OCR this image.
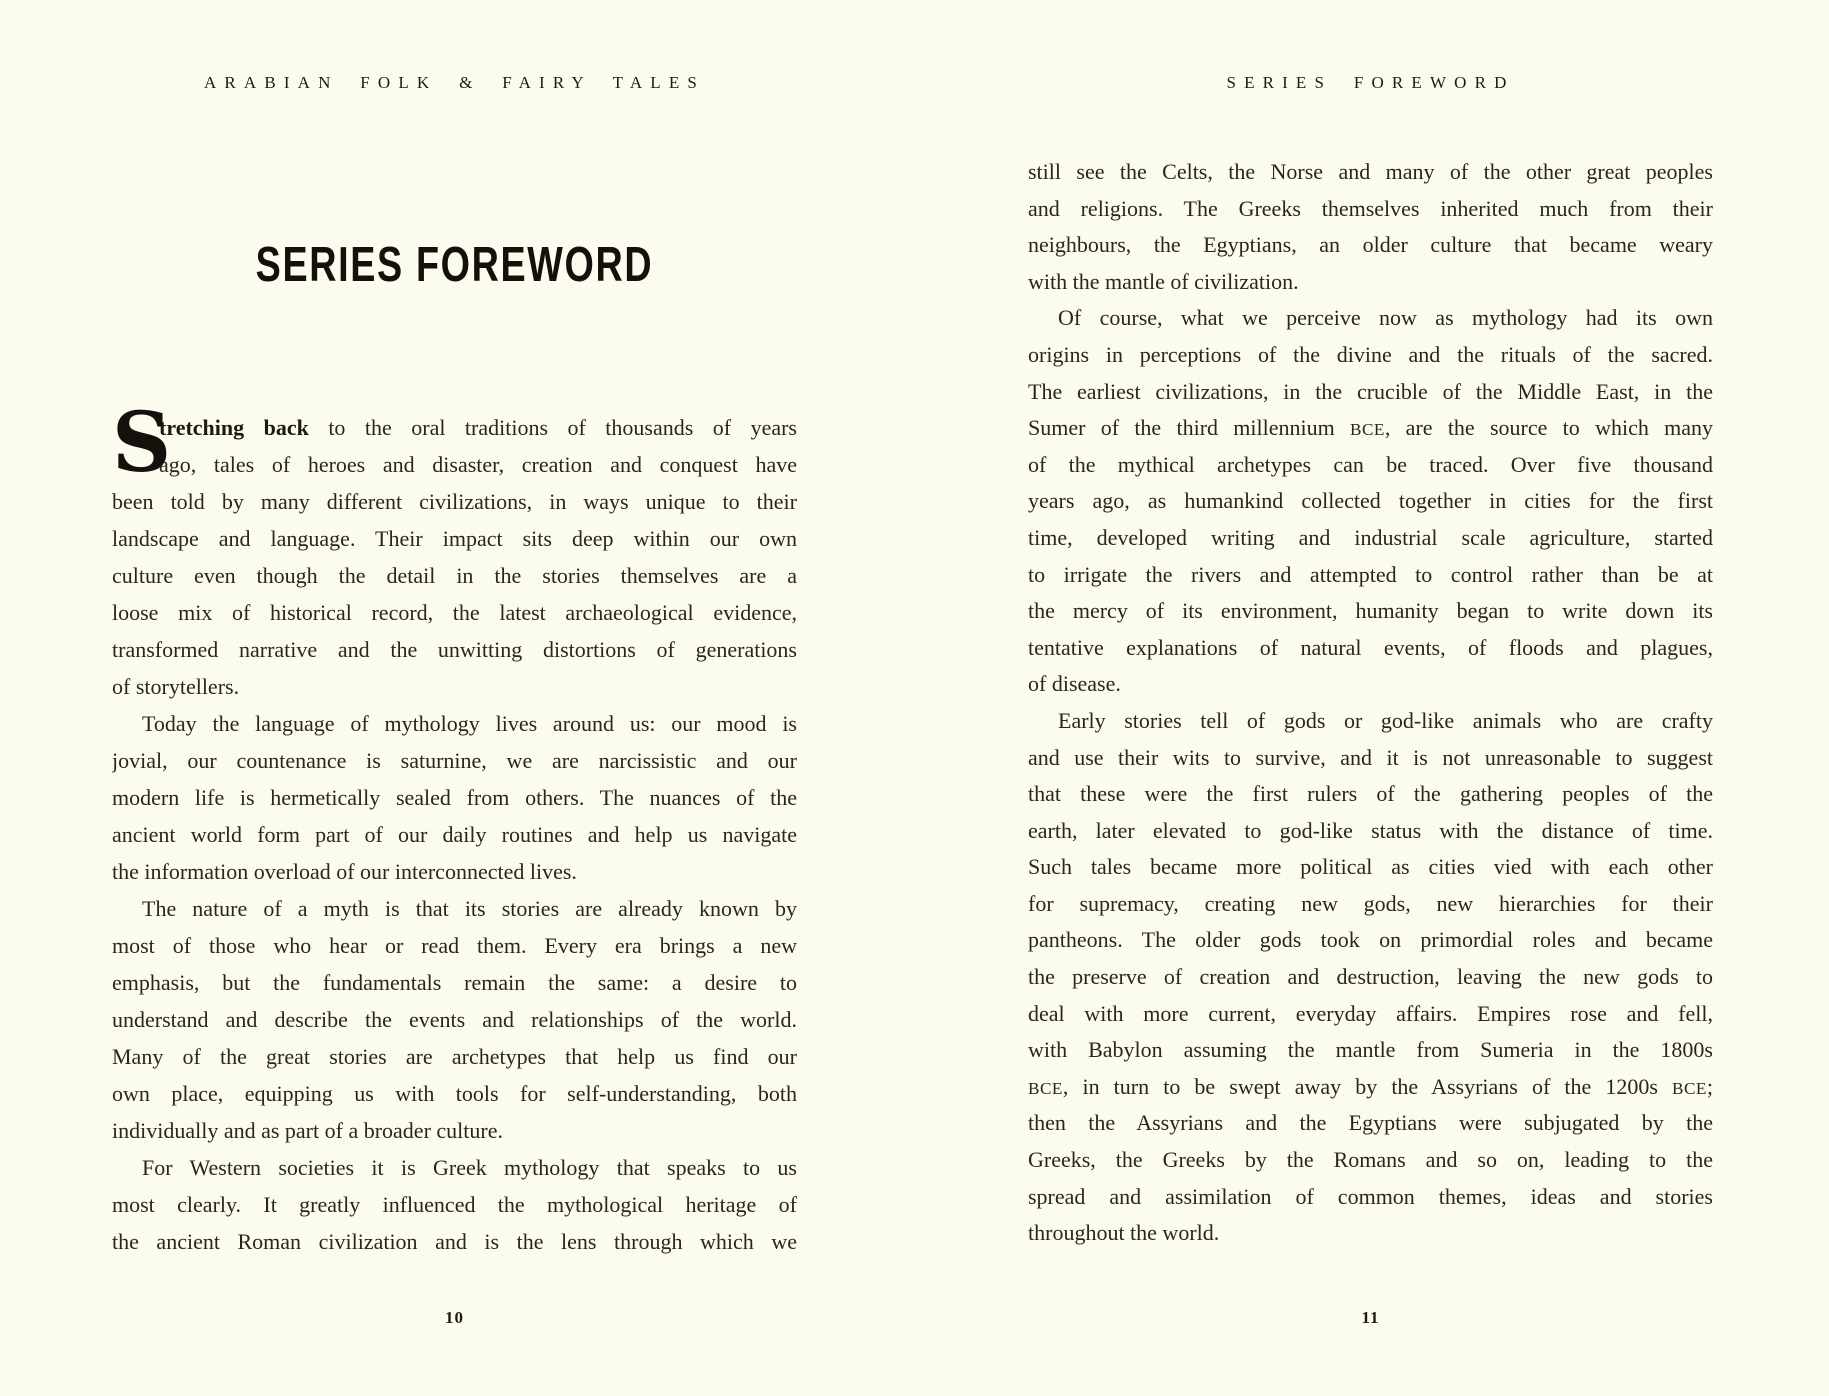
ARABIAN FOLK & FAIRY TALES
SERIES FOREWORD
S
tretching back to the oral traditions of thousands of years
ago, tales of heroes and disaster, creation and conquest have
been told by many different civilizations, in ways unique to their
landscape and language. Their impact sits deep within our own
culture even though the detail in the stories themselves are a
loose mix of historical record, the latest archaeological evidence,
transformed narrative and the unwitting distortions of generations
of storytellers.
Today the language of mythology lives around us: our mood is
jovial, our countenance is saturnine, we are narcissistic and our
modern life is hermetically sealed from others. The nuances of the
ancient world form part of our daily routines and help us navigate
the information overload of our interconnected lives.
The nature of a myth is that its stories are already known by
most of those who hear or read them. Every era brings a new
emphasis, but the fundamentals remain the same: a desire to
understand and describe the events and relationships of the world.
Many of the great stories are archetypes that help us find our
own place, equipping us with tools for self-understanding, both
individually and as part of a broader culture.
For Western societies it is Greek mythology that speaks to us
most clearly. It greatly influenced the mythological heritage of
the ancient Roman civilization and is the lens through which we
10
SERIES FOREWORD
still see the Celts, the Norse and many of the other great peoples
and religions. The Greeks themselves inherited much from their
neighbours, the Egyptians, an older culture that became weary
with the mantle of civilization.
Of course, what we perceive now as mythology had its own
origins in perceptions of the divine and the rituals of the sacred.
The earliest civilizations, in the crucible of the Middle East, in the
Sumer of the third millennium BCE, are the source to which many
of the mythical archetypes can be traced. Over five thousand
years ago, as humankind collected together in cities for the first
time, developed writing and industrial scale agriculture, started
to irrigate the rivers and attempted to control rather than be at
the mercy of its environment, humanity began to write down its
tentative explanations of natural events, of floods and plagues,
of disease.
Early stories tell of gods or god-like animals who are crafty
and use their wits to survive, and it is not unreasonable to suggest
that these were the first rulers of the gathering peoples of the
earth, later elevated to god-like status with the distance of time.
Such tales became more political as cities vied with each other
for supremacy, creating new gods, new hierarchies for their
pantheons. The older gods took on primordial roles and became
the preserve of creation and destruction, leaving the new gods to
deal with more current, everyday affairs. Empires rose and fell,
with Babylon assuming the mantle from Sumeria in the 1800s
BCE, in turn to be swept away by the Assyrians of the 1200s BCE;
then the Assyrians and the Egyptians were subjugated by the
Greeks, the Greeks by the Romans and so on, leading to the
spread and assimilation of common themes, ideas and stories
throughout the world.
11
